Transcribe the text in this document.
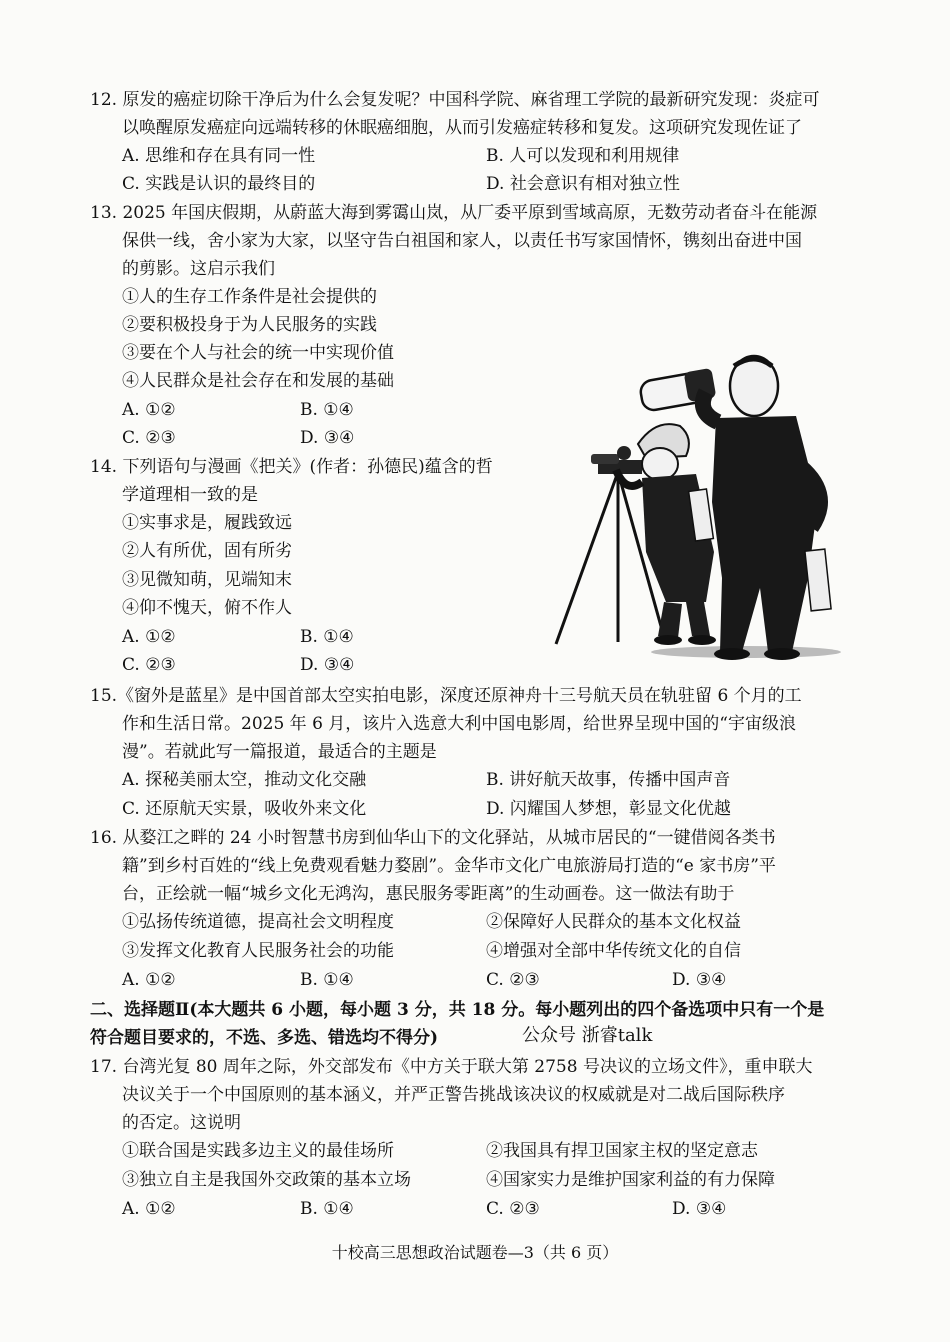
12. 原发的癌症切除干净后为什么会复发呢？中国科学院、麻省理工学院的最新研究发现：炎症可
以唤醒原发癌症向远端转移的休眠癌细胞，从而引发癌症转移和复发。这项研究发现佐证了
A. 思维和存在具有同一性	B. 人可以发现和利用规律
C. 实践是认识的最终目的	D. 社会意识有相对独立性
13. 2025 年国庆假期，从蔚蓝大海到雾霭山岚，从厂委平原到雪域高原，无数劳动者奋斗在能源
保供一线，舍小家为大家，以坚守告白祖国和家人，以责任书写家国情怀，镌刻出奋进中国
的剪影。这启示我们
①人的生存工作条件是社会提供的
②要积极投身于为人民服务的实践
③要在个人与社会的统一中实现价值
④人民群众是社会存在和发展的基础
A. ①②	B. ①④
C. ②③	D. ③④
14. 下列语句与漫画《把关》(作者：孙德民)蕴含的哲
学道理相一致的是
①实事求是，履践致远
②人有所优，固有所劣
③见微知萌，见端知末
④仰不愧天，俯不作人
A. ①②	B. ①④
C. ②③	D. ③④
15.《窗外是蓝星》是中国首部太空实拍电影，深度还原神舟十三号航天员在轨驻留 6 个月的工
作和生活日常。2025 年 6 月，该片入选意大利中国电影周，给世界呈现中国的“宇宙级浪
漫”。若就此写一篇报道，最适合的主题是
A. 探秘美丽太空，推动文化交融	B. 讲好航天故事，传播中国声音
C. 还原航天实景，吸收外来文化	D. 闪耀国人梦想，彰显文化优越
16. 从婺江之畔的 24 小时智慧书房到仙华山下的文化驿站，从城市居民的“一键借阅各类书
籍”到乡村百姓的“线上免费观看魅力婺剧”。金华市文化广电旅游局打造的“e 家书房”平
台，正绘就一幅“城乡文化无鸿沟，惠民服务零距离”的生动画卷。这一做法有助于
①弘扬传统道德，提高社会文明程度	②保障好人民群众的基本文化权益
③发挥文化教育人民服务社会的功能	④增强对全部中华传统文化的自信
A. ①②	B. ①④	C. ②③	D. ③④
二、选择题Ⅱ(本大题共 6 小题，每小题 3 分，共 18 分。每小题列出的四个备选项中只有一个是
符合题目要求的，不选、多选、错选均不得分)	公众号 浙睿talk
17. 台湾光复 80 周年之际，外交部发布《中方关于联大第 2758 号决议的立场文件》，重申联大
决议关于一个中国原则的基本涵义，并严正警告挑战该决议的权威就是对二战后国际秩序
的否定。这说明
①联合国是实践多边主义的最佳场所	②我国具有捍卫国家主权的坚定意志
③独立自主是我国外交政策的基本立场	④国家实力是维护国家利益的有力保障
A. ①②	B. ①④	C. ②③	D. ③④
十校高三思想政治试题卷—3（共 6 页）
